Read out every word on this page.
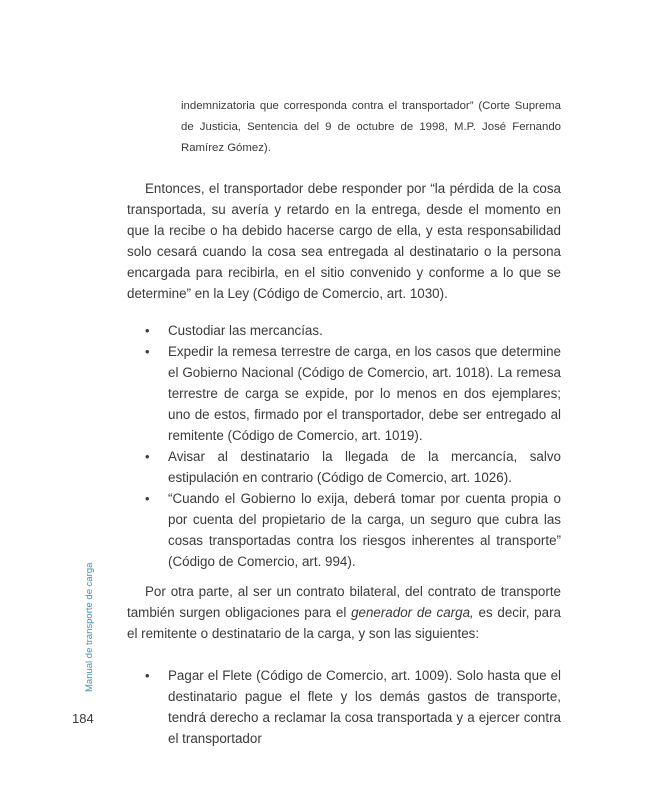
indemnizatoria que corresponda contra el transportador” (Corte Suprema de Justicia, Sentencia del 9 de octubre de 1998, M.P. José Fernando Ramírez Gómez).
Entonces, el transportador debe responder por “la pérdida de la cosa transportada, su avería y retardo en la entrega, desde el momento en que la recibe o ha debido hacerse cargo de ella, y esta responsabilidad solo cesará cuando la cosa sea entregada al destinatario o la persona encargada para recibirla, en el sitio convenido y conforme a lo que se determine” en la Ley (Código de Comercio, art. 1030).
• Custodiar las mercancías.
• Expedir la remesa terrestre de carga, en los casos que determine el Gobierno Nacional (Código de Comercio, art. 1018). La remesa terrestre de carga se expide, por lo menos en dos ejemplares; uno de estos, firmado por el transportador, debe ser entregado al remitente (Código de Comercio, art. 1019).
• Avisar al destinatario la llegada de la mercancía, salvo estipulación en contrario (Código de Comercio, art. 1026).
• “Cuando el Gobierno lo exija, deberá tomar por cuenta propia o por cuenta del propietario de la carga, un seguro que cubra las cosas transportadas contra los riesgos inherentes al transporte” (Código de Comercio, art. 994).
Por otra parte, al ser un contrato bilateral, del contrato de transporte también surgen obligaciones para el generador de carga, es decir, para el remitente o destinatario de la carga, y son las siguientes:
• Pagar el Flete (Código de Comercio, art. 1009). Solo hasta que el destinatario pague el flete y los demás gastos de transporte, tendrá derecho a reclamar la cosa transportada y a ejercer contra el transportador
Manual de transporte de carga
184
